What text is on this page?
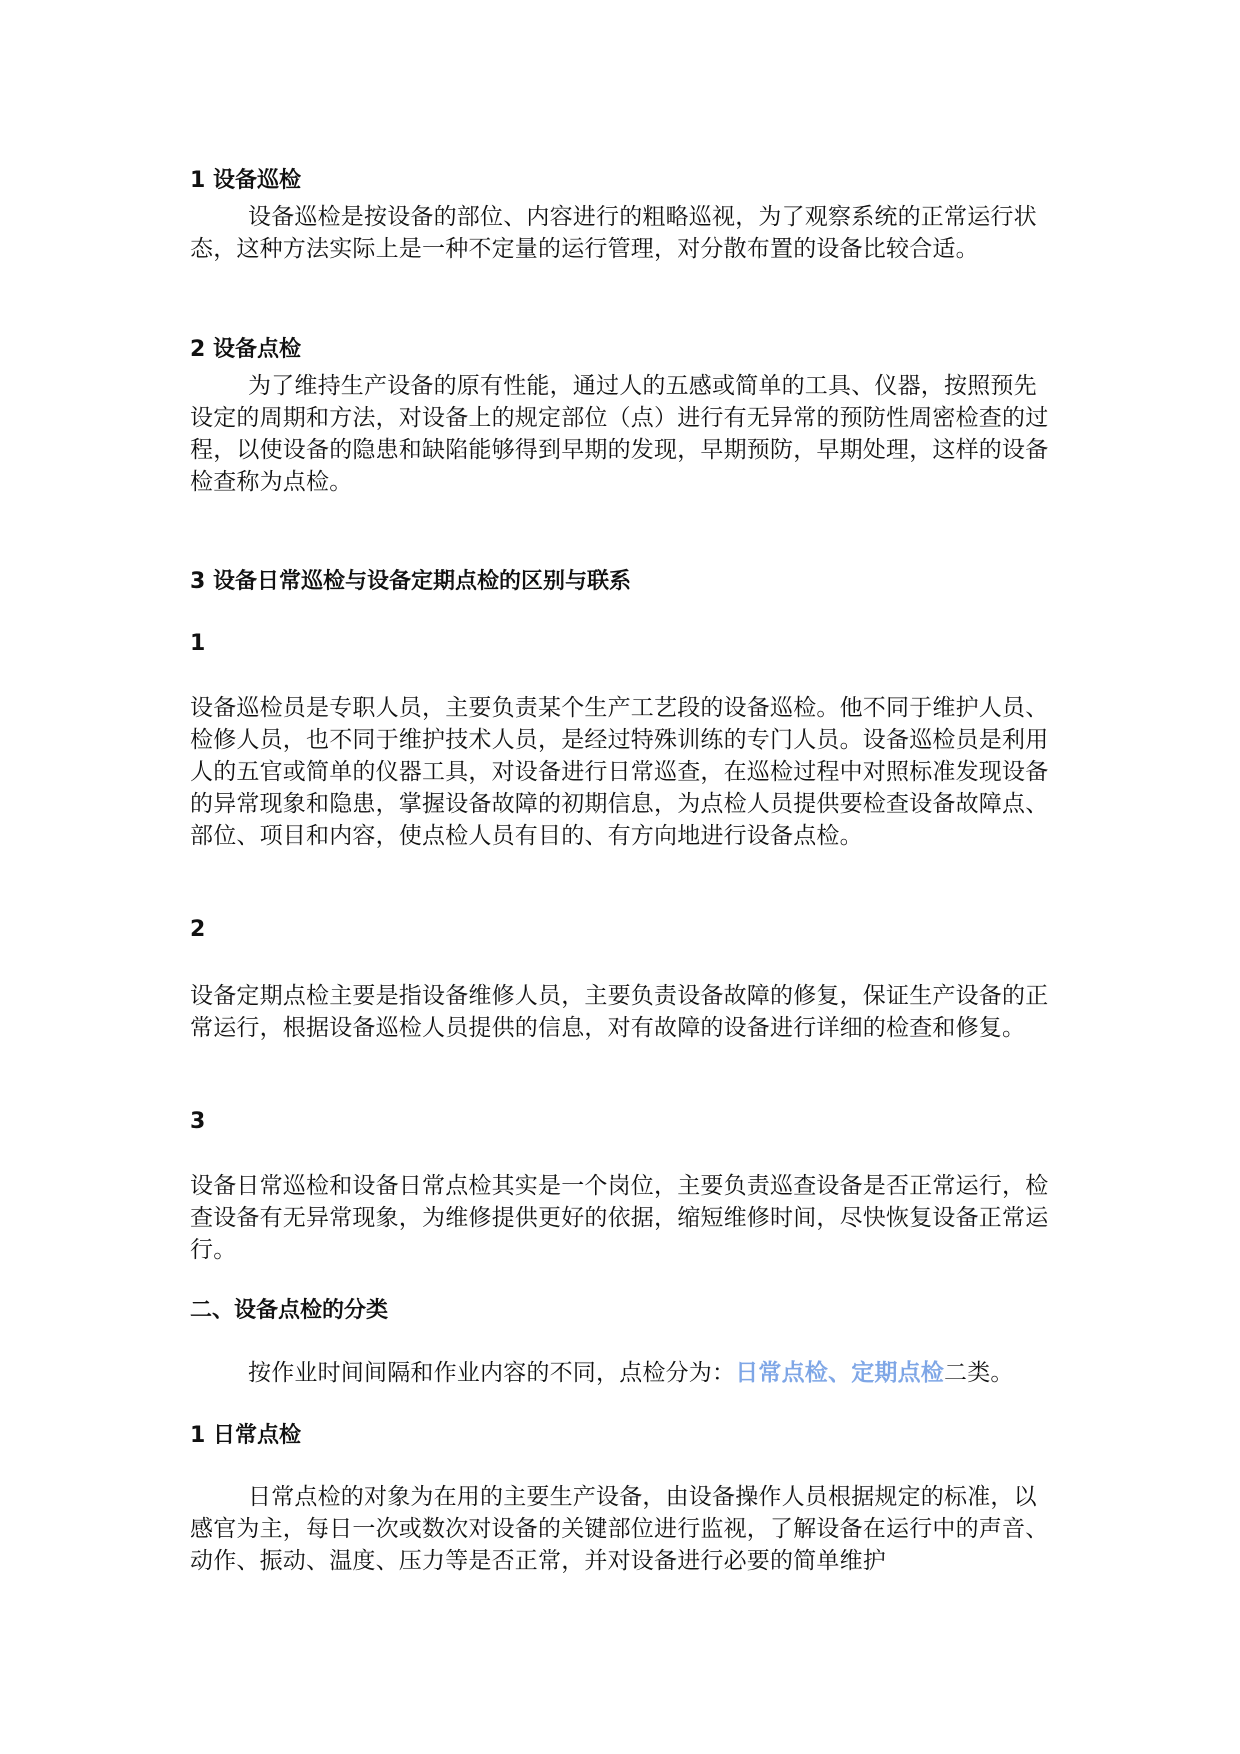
1 设备巡检
设备巡检是按设备的部位、内容进行的粗略巡视，为了观察系统的正常运行状态，这种方法实际上是一种不定量的运行管理，对分散布置的设备比较合适。
2 设备点检
为了维持生产设备的原有性能，通过人的五感或简单的工具、仪器，按照预先设定的周期和方法，对设备上的规定部位（点）进行有无异常的预防性周密检查的过程，以使设备的隐患和缺陷能够得到早期的发现，早期预防，早期处理，这样的设备检查称为点检。
3 设备日常巡检与设备定期点检的区别与联系
1
设备巡检员是专职人员，主要负责某个生产工艺段的设备巡检。他不同于维护人员、检修人员，也不同于维护技术人员，是经过特殊训练的专门人员。设备巡检员是利用人的五官或简单的仪器工具，对设备进行日常巡查，在巡检过程中对照标准发现设备的异常现象和隐患，掌握设备故障的初期信息，为点检人员提供要检查设备故障点、部位、项目和内容，使点检人员有目的、有方向地进行设备点检。
2
设备定期点检主要是指设备维修人员，主要负责设备故障的修复，保证生产设备的正常运行，根据设备巡检人员提供的信息，对有故障的设备进行详细的检查和修复。
3
设备日常巡检和设备日常点检其实是一个岗位，主要负责巡查设备是否正常运行，检查设备有无异常现象，为维修提供更好的依据，缩短维修时间，尽快恢复设备正常运行。
二、设备点检的分类
按作业时间间隔和作业内容的不同，点检分为：日常点检、定期点检二类。
1 日常点检
日常点检的对象为在用的主要生产设备，由设备操作人员根据规定的标准，以感官为主，每日一次或数次对设备的关键部位进行监视，了解设备在运行中的声音、动作、振动、温度、压力等是否正常，并对设备进行必要的简单维护
